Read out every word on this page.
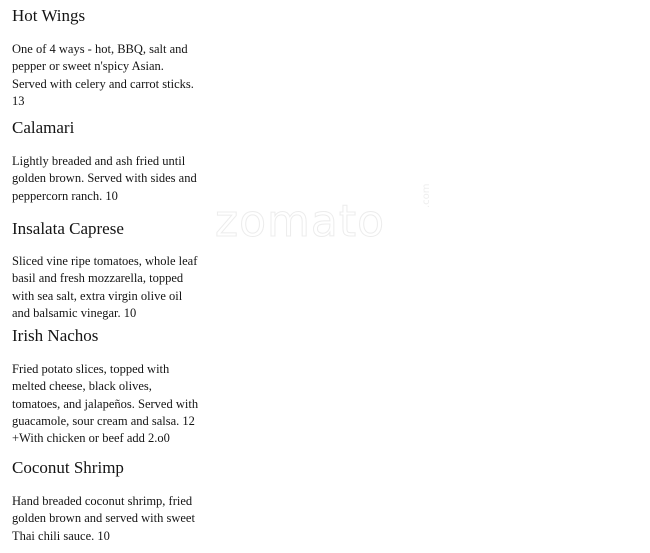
zomato
.com
Hot Wings

One of 4 ways - hot, BBQ, salt and
pepper or sweet n'spicy Asian.
Served with celery and carrot sticks.
13

Calamari

Lightly breaded and ash fried until
golden brown. Served with sides and
peppercorn ranch. 10

Insalata Caprese

Sliced vine ripe tomatoes, whole leaf
basil and fresh mozzarella, topped
with sea salt, extra virgin olive oil
and balsamic vinegar. 10

Irish Nachos

Fried potato slices, topped with
melted cheese, black olives,
tomatoes, and jalapeños. Served with
guacamole, sour cream and salsa. 12
+With chicken or beef add 2.o0

Coconut Shrimp

Hand breaded coconut shrimp, fried
golden brown and served with sweet
Thai chili sauce. 10
